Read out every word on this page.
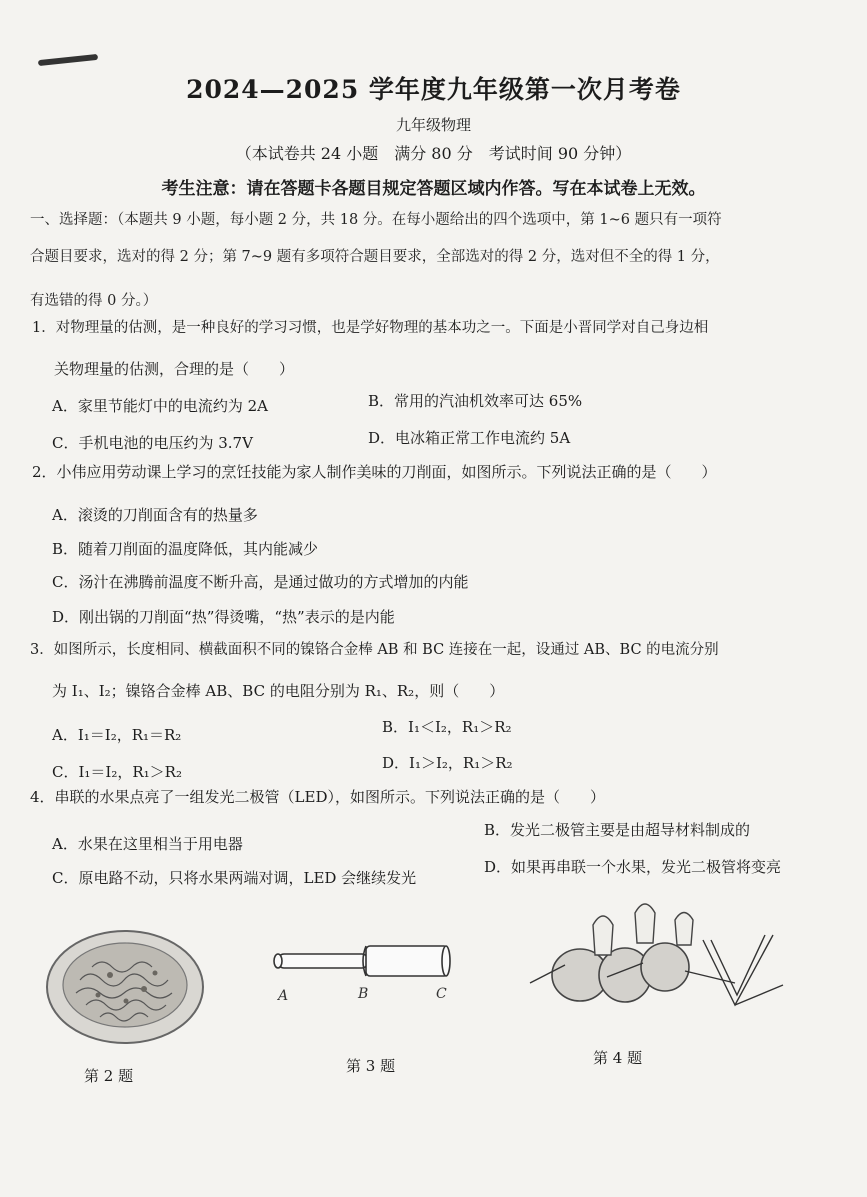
2024—2025 学年度九年级第一次月考卷
九年级物理
（本试卷共 24 小题　满分 80 分　考试时间 90 分钟）
考生注意：请在答题卡各题目规定答题区域内作答。写在本试卷上无效。
一、选择题：（本题共 9 小题，每小题 2 分，共 18 分。在每小题给出的四个选项中，第 1~6 题只有一项符
合题目要求，选对的得 2 分；第 7~9 题有多项符合题目要求，全部选对的得 2 分，选对但不全的得 1 分，
有选错的得 0 分。）
1．对物理量的估测，是一种良好的学习习惯，也是学好物理的基本功之一。下面是小晋同学对自己身边相
关物理量的估测，合理的是（　　）
A．家里节能灯中的电流约为 2A	B．常用的汽油机效率可达 65%
C．手机电池的电压约为 3.7V	D．电冰箱正常工作电流约 5A
2．小伟应用劳动课上学习的烹饪技能为家人制作美味的刀削面，如图所示。下列说法正确的是（　　）
A．滚烫的刀削面含有的热量多
B．随着刀削面的温度降低，其内能减少
C．汤汁在沸腾前温度不断升高，是通过做功的方式增加的内能
D．刚出锅的刀削面“热”得烫嘴，“热”表示的是内能
3．如图所示，长度相同、横截面积不同的镍铬合金棒 AB 和 BC 连接在一起，设通过 AB、BC 的电流分别
为 I₁、I₂；镍铬合金棒 AB、BC 的电阻分别为 R₁、R₂，则（　　）
A．I₁＝I₂，R₁＝R₂	B．I₁＜I₂，R₁＞R₂
C．I₁＝I₂，R₁＞R₂	D．I₁＞I₂，R₁＞R₂
4．串联的水果点亮了一组发光二极管（LED），如图所示。下列说法正确的是（　　）
A．水果在这里相当于用电器
B．发光二极管主要是由超导材料制成的
C．原电路不动，只将水果两端对调，LED 会继续发光
D．如果再串联一个水果，发光二极管将变亮
第 2 题
A	B	C
第 3 题	第 4 题
